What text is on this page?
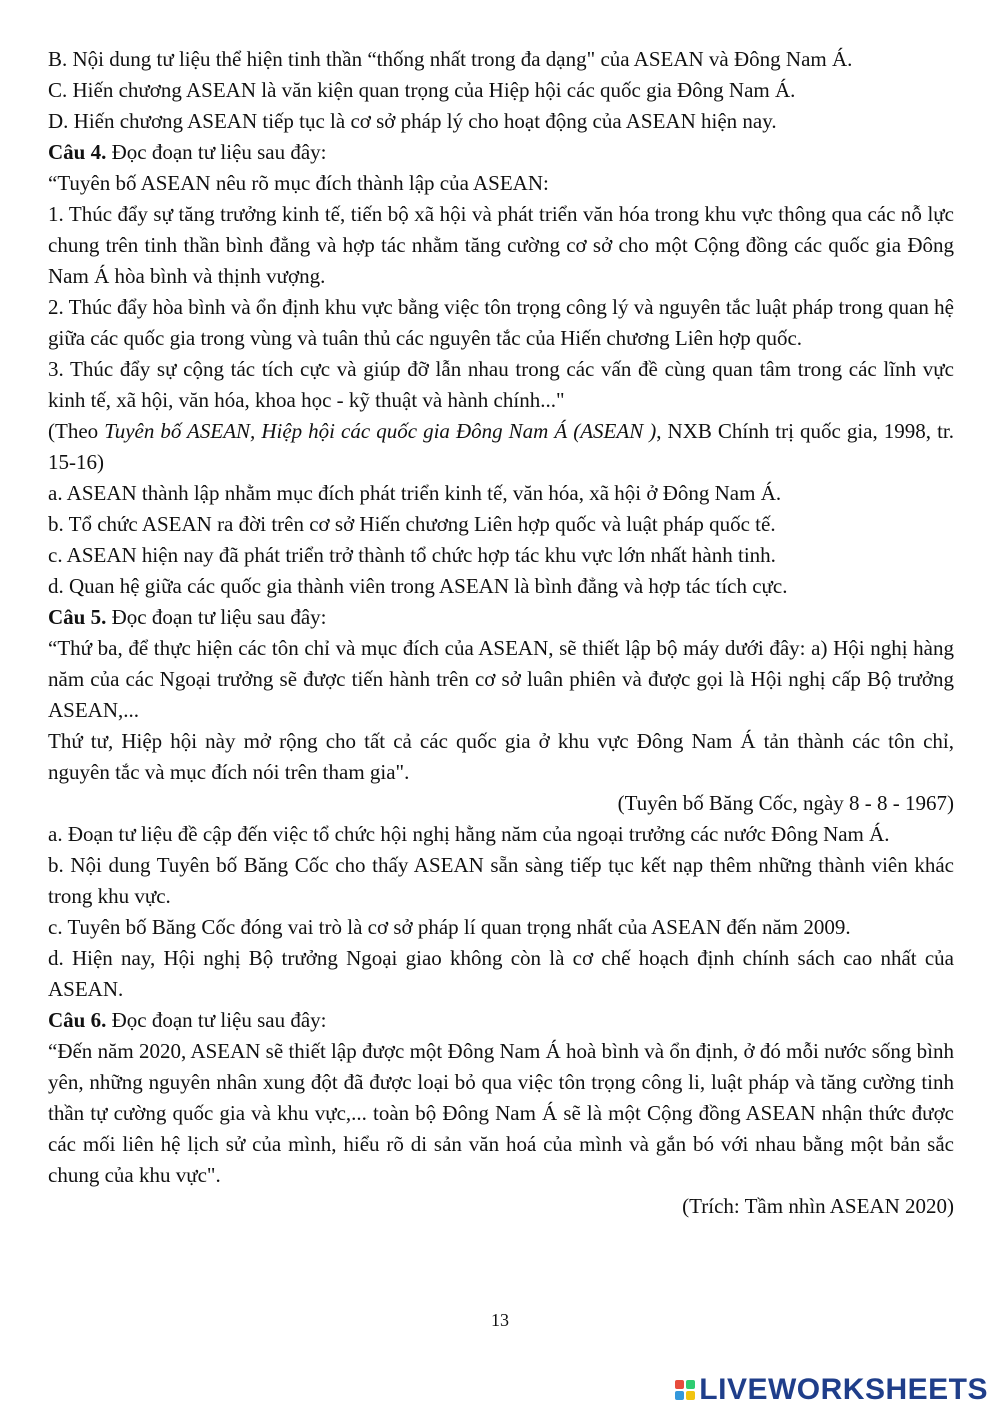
B. Nội dung tư liệu thể hiện tinh thần “thống nhất trong đa dạng" của ASEAN và Đông Nam Á.
C. Hiến chương ASEAN là văn kiện quan trọng của Hiệp hội các quốc gia Đông Nam Á.
D. Hiến chương ASEAN tiếp tục là cơ sở pháp lý cho hoạt động của ASEAN hiện nay.
Câu 4. Đọc đoạn tư liệu sau đây:
“Tuyên bố ASEAN nêu rõ mục đích thành lập của ASEAN:
1. Thúc đẩy sự tăng trưởng kinh tế, tiến bộ xã hội và phát triển văn hóa trong khu vực thông qua các nỗ lực chung trên tinh thần bình đẳng và hợp tác nhằm tăng cường cơ sở cho một Cộng đồng các quốc gia Đông Nam Á hòa bình và thịnh vượng.
2. Thúc đẩy hòa bình và ổn định khu vực bằng việc tôn trọng công lý và nguyên tắc luật pháp trong quan hệ giữa các quốc gia trong vùng và tuân thủ các nguyên tắc của Hiến chương Liên hợp quốc.
3. Thúc đẩy sự cộng tác tích cực và giúp đỡ lẫn nhau trong các vấn đề cùng quan tâm trong các lĩnh vực kinh tế, xã hội, văn hóa, khoa học - kỹ thuật và hành chính..."
(Theo Tuyên bố ASEAN, Hiệp hội các quốc gia Đông Nam Á (ASEAN ), NXB Chính trị quốc gia, 1998, tr. 15-16)
a. ASEAN thành lập nhằm mục đích phát triển kinh tế, văn hóa, xã hội ở Đông Nam Á.
b. Tổ chức ASEAN ra đời trên cơ sở Hiến chương Liên hợp quốc và luật pháp quốc tế.
c. ASEAN hiện nay đã phát triển trở thành tổ chức hợp tác khu vực lớn nhất hành tinh.
d. Quan hệ giữa các quốc gia thành viên trong ASEAN là bình đẳng và hợp tác tích cực.
Câu 5. Đọc đoạn tư liệu sau đây:
“Thứ ba, để thực hiện các tôn chỉ và mục đích của ASEAN, sẽ thiết lập bộ máy dưới đây: a) Hội nghị hàng năm của các Ngoại trưởng sẽ được tiến hành trên cơ sở luân phiên và được gọi là Hội nghị cấp Bộ trưởng ASEAN,...
Thứ tư, Hiệp hội này mở rộng cho tất cả các quốc gia ở khu vực Đông Nam Á tản thành các tôn chỉ, nguyên tắc và mục đích nói trên tham gia".
(Tuyên bố Băng Cốc, ngày 8 - 8 - 1967)
a. Đoạn tư liệu đề cập đến việc tổ chức hội nghị hằng năm của ngoại trưởng các nước Đông Nam Á.
b. Nội dung Tuyên bố Băng Cốc cho thấy ASEAN sẵn sàng tiếp tục kết nạp thêm những thành viên khác trong khu vực.
c. Tuyên bố Băng Cốc đóng vai trò là cơ sở pháp lí quan trọng nhất của ASEAN đến năm 2009.
d. Hiện nay, Hội nghị Bộ trưởng Ngoại giao không còn là cơ chế hoạch định chính sách cao nhất của ASEAN.
Câu 6. Đọc đoạn tư liệu sau đây:
“Đến năm 2020, ASEAN sẽ thiết lập được một Đông Nam Á hoà bình và ổn định, ở đó mỗi nước sống bình yên, những nguyên nhân xung đột đã được loại bỏ qua việc tôn trọng công li, luật pháp và tăng cường tinh thần tự cường quốc gia và khu vực,... toàn bộ Đông Nam Á sẽ là một Cộng đồng ASEAN nhận thức được các mối liên hệ lịch sử của mình, hiểu rõ di sản văn hoá của mình và gắn bó với nhau bằng một bản sắc chung của khu vực".
(Trích: Tầm nhìn ASEAN 2020)
13
LIVEWORKSHEETS
